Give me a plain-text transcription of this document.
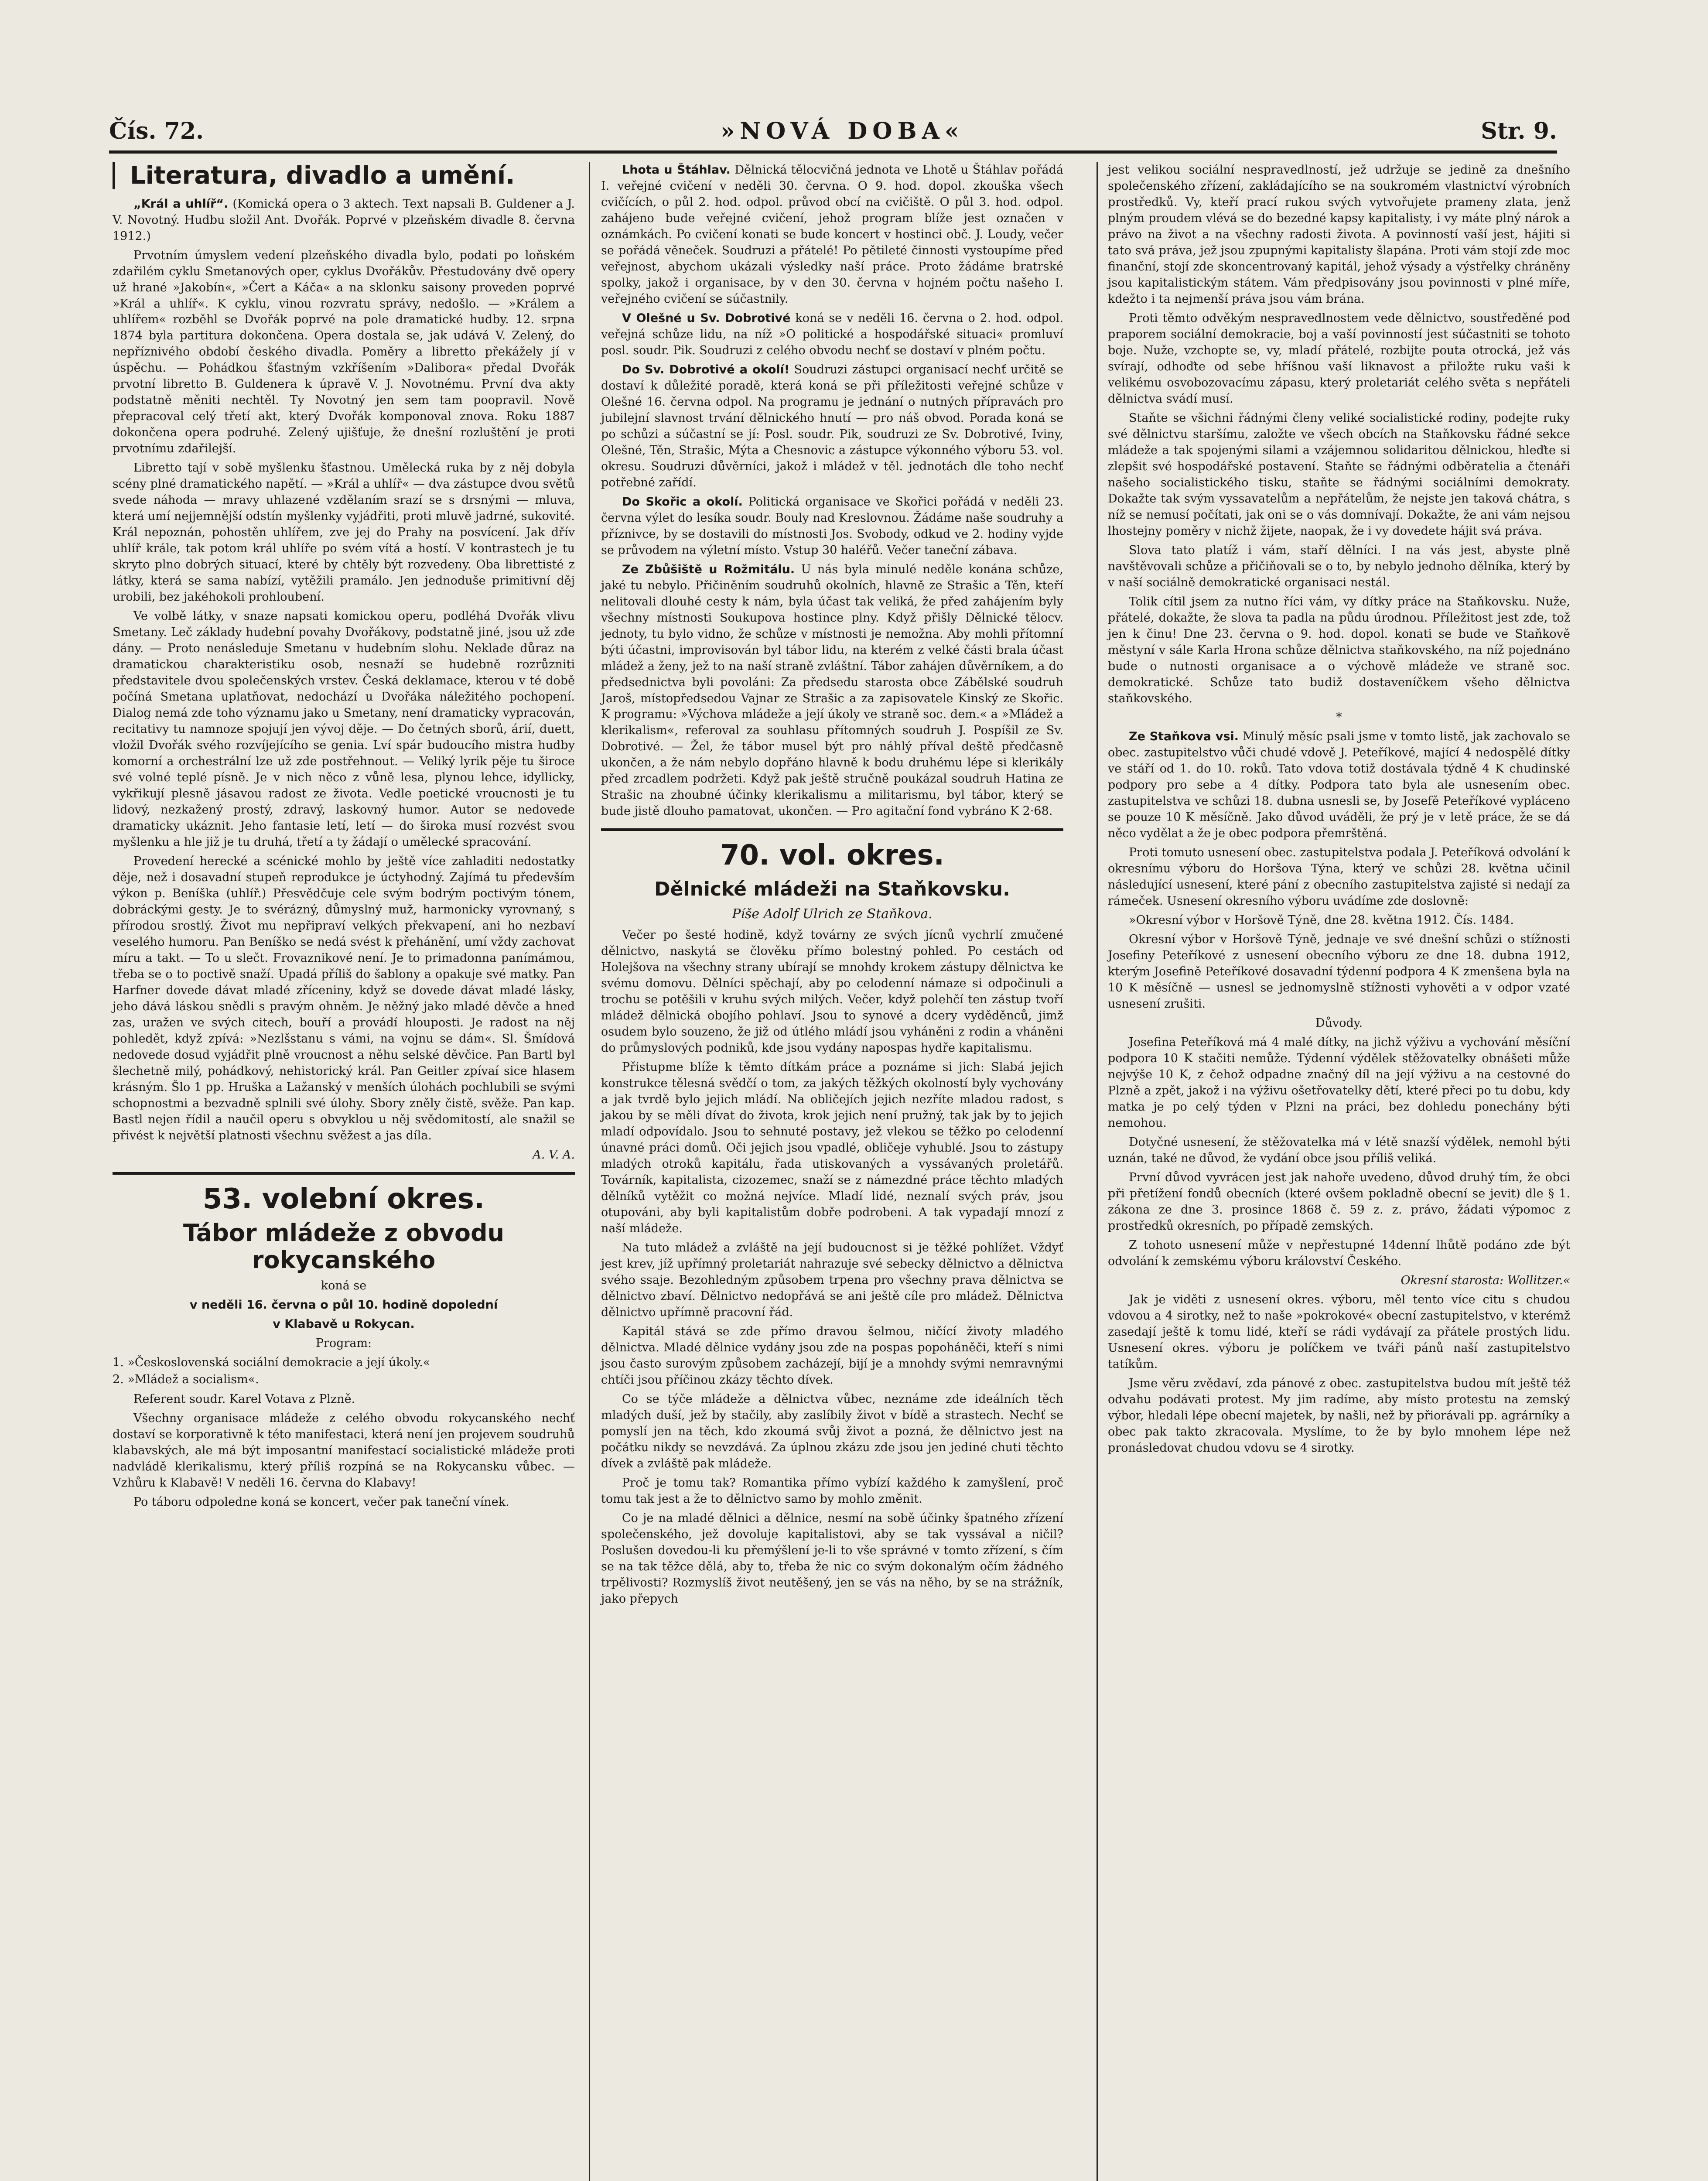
Čís. 72.	»NOVÁ DOBA«	Str. 9.
Literatura, divadlo a umění.

„Král a uhlíř“. (Komická opera o 3 aktech. Text napsali B. Guldener a J. V. Novotný. Hudbu složil Ant. Dvořák. Poprvé v plzeňském divadle 8. června 1912.)

Prvotním úmyslem vedení plzeňského divadla bylo, podati po loňském zdařilém cyklu Smetanových oper, cyklus Dvořákův. Přestudovány dvě opery už hrané »Jakobín«, »Čert a Káča« a na sklonku saisony proveden poprvé »Král a uhlíř«. K cyklu, vinou rozvratu správy, nedošlo. — »Králem a uhlířem« rozběhl se Dvořák poprvé na pole dramatické hudby. 12. srpna 1874 byla partitura dokončena. Opera dostala se, jak udává V. Zelený, do nepříznivého období českého divadla. Poměry a libretto překážely jí v úspěchu. — Pohádkou šťastným vzkříšením »Dalibora« předal Dvořák prvotní libretto B. Guldenera k úpravě V. J. Novotnému. První dva akty podstatně měniti nechtěl. Ty Novotný jen sem tam poopravil. Nově přepracoval celý třetí akt, který Dvořák komponoval znova. Roku 1887 dokončena opera podruhé. Zelený ujišťuje, že dnešní rozluštění je proti prvotnímu zdařilejší.

Libretto tají v sobě myšlenku šťastnou. Umělecká ruka by z něj dobyla scény plné dramatického napětí. — »Král a uhlíř« — dva zástupce dvou světů svede náhoda — mravy uhlazené vzdělaním srazí se s drsnými — mluva, která umí nejjemnější odstín myšlenky vyjádřiti, proti mluvě jadrné, sukovité. Král nepoznán, pohostěn uhlířem, zve jej do Prahy na posvícení. Jak dřív uhlíř krále, tak potom král uhlíře po svém vítá a hostí. V kontrastech je tu skryto plno dobrých situací, které by chtěly být rozvedeny. Oba librettisté z látky, která se sama nabízí, vytěžili pramálo. Jen jednoduše primitivní děj urobili, bez jakéhokoli prohloubení.

Ve volbě látky, v snaze napsati komickou operu, podléhá Dvořák vlivu Smetany. Leč základy hudební povahy Dvořákovy, podstatně jiné, jsou už zde dány. — Proto nenásleduje Smetanu v hudebním slohu. Neklade důraz na dramatickou charakteristiku osob, nesnaží se hudebně rozrůzniti představitele dvou společenských vrstev. Česká deklamace, kterou v té době počíná Smetana uplatňovat, nedochází u Dvořáka náležitého pochopení. Dialog nemá zde toho významu jako u Smetany, není dramaticky vypracován, recitativy tu namnoze spojují jen vývoj děje. — Do četných sborů, árií, duett, vložil Dvořák svého rozvíjejícího se genia. Lví spár budoucího mistra hudby komorní a orchestrální lze už zde postřehnout. — Veliký lyrik pěje tu široce své volné teplé písně. Je v nich něco z vůně lesa, plynou lehce, idyllicky, vykřikují plesně jásavou radost ze života. Vedle poetické vroucnosti je tu lidový, nezkažený prostý, zdravý, laskovný humor. Autor se nedovede dramaticky ukáznit. Jeho fantasie letí, letí — do široka musí rozvést svou myšlenku a hle již je tu druhá, třetí a ty žádají o umělecké spracování.

Provedení herecké a scénické mohlo by ještě více zahladiti nedostatky děje, než i dosavadní stupeň reprodukce je úctyhodný. Zajímá tu především výkon p. Beníška (uhlíř.) Přesvědčuje cele svým bodrým poctivým tónem, dobráckými gesty. Je to svérázný, důmyslný muž, harmonicky vyrovnaný, s přírodou srostlý. Život mu nepřipraví velkých překvapení, ani ho nezbaví veselého humoru. Pan Beníško se nedá svést k přehánění, umí vždy zachovat míru a takt. — To u slečt. Frovaznikové není. Je to primadonna panímámou, třeba se o to poctivě snaží. Upadá příliš do šablony a opakuje své matky. Pan Harfner dovede dávat mladé zříceniny, když se dovede dávat mladé lásky, jeho dává láskou snědli s pravým ohněm. Je něžný jako mladé děvče a hned zas, uražen ve svých citech, bouří a provádí hlouposti. Je radost na něj pohledět, když zpívá: »Nezlšstanu s vámi, na vojnu se dám«. Sl. Šmídová nedovede dosud vyjádřit plně vroucnost a něhu selské děvčice. Pan Bartl byl šlechetně milý, pohádkový, nehistorický král. Pan Geitler zpívaí sice hlasem krásným. Šlo 1 pp. Hruška a Lažanský v menších úlohách pochlubili se svými schopnostmi a bezvadně splnili své úlohy. Sbory zněly čistě, svěže. Pan kap. Bastl nejen řídil a naučil operu s obvyklou u něj svědomitostí, ale snažil se přivést k největší platnosti všechnu svěžest a jas díla.

A. V. A.

53. volební okres.
Tábor mládeže z obvodu rokycanského

koná se

v neděli 16. června o půl 10. hodině dopolední

v Klabavě u Rokycan.

Program:

1. »Československá sociální demokracie a její úkoly.«
2. »Mládež a socialism«.

Referent soudr. Karel Votava z Plzně.

Všechny organisace mládeže z celého obvodu rokycanského nechť dostaví se korporativně k této manifestaci, která není jen projevem soudruhů klabavských, ale má být imposantní manifestací socialistické mládeže proti nadvládě klerikalismu, který příliš rozpíná se na Rokycansku vůbec. — Vzhůru k Klabavě! V neděli 16. června do Klabavy!

Po táboru odpoledne koná se koncert, večer pak taneční vínek.

Lhota u Štáhlav. Dělnická tělocvičná jednota ve Lhotě u Štáhlav pořádá I. veřejné cvičení v neděli 30. června. O 9. hod. dopol. zkouška všech cvičících, o půl 2. hod. odpol. průvod obcí na cvičiště. O půl 3. hod. odpol. zahájeno bude veřejné cvičení, jehož program blíže jest označen v oznámkách. Po cvičení konati se bude koncert v hostinci obč. J. Loudy, večer se pořádá věneček. Soudruzi a přátelé! Po pětileté činnosti vystoupíme před veřejnost, abychom ukázali výsledky naší práce. Proto žádáme bratrské spolky, jakož i organisace, by v den 30. června v hojném počtu našeho I. veřejného cvičení se súčastnily.

V Olešné u Sv. Dobrotivé koná se v neděli 16. června o 2. hod. odpol. veřejná schůze lidu, na níž »O politické a hospodářské situaci« promluví posl. soudr. Pik. Soudruzi z celého obvodu nechť se dostaví v plném počtu.

Do Sv. Dobrotivé a okolí! Soudruzi zástupci organisací nechť určitě se dostaví k důležité poradě, která koná se při příležitosti veřejné schůze v Olešné 16. června odpol. Na programu je jednání o nutných přípravách pro jubilejní slavnost trvání dělnického hnutí — pro náš obvod. Porada koná se po schůzi a súčastní se jí: Posl. soudr. Pik, soudruzi ze Sv. Dobrotivé, Iviny, Olešné, Těn, Strašic, Mýta a Chesnovic a zástupce výkonného výboru 53. vol. okresu. Soudruzi důvěrníci, jakož i mládež v těl. jednotách dle toho nechť potřebné zařídí.

Do Skořic a okolí. Politická organisace ve Skořici pořádá v neděli 23. června výlet do lesíka soudr. Bouly nad Kreslovnou. Žádáme naše soudruhy a příznivce, by se dostavili do místnosti Jos. Svobody, odkud ve 2. hodiny vyjde se průvodem na výletní místo. Vstup 30 haléřů. Večer taneční zábava.

Ze Zbůšiště u Rožmitálu. U nás byla minulé neděle konána schůze, jaké tu nebylo. Přičiněním soudruhů okolních, hlavně ze Strašic a Těn, kteří nelitovali dlouhé cesty k nám, byla účast tak veliká, že před zahájením byly všechny místnosti Soukupova hostince plny. Když přišly Dělnické tělocv. jednoty, tu bylo vidno, že schůze v místnosti je nemožna. Aby mohli přítomní býti účastni, improvisován byl tábor lidu, na kterém z velké části brala účast mládež a ženy, jež to na naší straně zvláštní. Tábor zahájen důvěrníkem, a do předsednictva byli povoláni: Za předsedu starosta obce Zábělské soudruh Jaroš, místopředsedou Vajnar ze Strašic a za zapisovatele Kinský ze Skořic. K programu: »Výchova mládeže a její úkoly ve straně soc. dem.« a »Mládež a klerikalism«, referoval za souhlasu přítomných soudruh J. Pospíšil ze Sv. Dobrotivé. — Žel, že tábor musel být pro náhlý příval deště předčasně ukončen, a že nám nebylo dopřáno hlavně k bodu druhému lépe si klerikály před zrcadlem podržeti. Když pak ještě stručně poukázal soudruh Hatina ze Strašic na zhoubné účinky klerikalismu a militarismu, byl tábor, který se bude jistě dlouho pamatovat, ukončen. — Pro agitační fond vybráno K 2·68.

70. vol. okres.
Dělnické mládeži na Staňkovsku.
Píše Adolf Ulrich ze Staňkova.

Večer po šesté hodině, když továrny ze svých jícnů vychrlí zmučené dělnictvo, naskytá se člověku přímo bolestný pohled. Po cestách od Holejšova na všechny strany ubírají se mnohdy krokem zástupy dělnictva ke svému domovu. Dělníci spěchají, aby po celodenní námaze si odpočinuli a trochu se potěšili v kruhu svých milých. Večer, když polehčí ten zástup tvoří mládež dělnická obojího pohlaví. Jsou to synové a dcery vyděděnců, jimž osudem bylo souzeno, že již od útlého mládí jsou vyháněni z rodin a vháněni do průmyslových podniků, kde jsou vydány napospas hydře kapitalismu.

Přistupme blíže k těmto dítkám práce a poznáme si jich: Slabá jejich konstrukce tělesná svědčí o tom, za jakých těžkých okolností byly vychovány a jak tvrdě bylo jejich mládí. Na obličejích jejich nezříte mladou radost, s jakou by se měli dívat do života, krok jejich není pružný, tak jak by to jejich mladí odpovídalo. Jsou to sehnuté postavy, jež vlekou se těžko po celodenní únavné práci domů. Oči jejich jsou vpadlé, obličeje vyhublé. Jsou to zástupy mladých otroků kapitálu, řada utiskovaných a vyssávaných proletářů. Továrník, kapitalista, cizozemec, snaží se z námezdné práce těchto mladých dělníků vytěžit co možná nejvíce. Mladí lidé, neznalí svých práv, jsou otupováni, aby byli kapitalistům dobře podrobeni. A tak vypadají mnozí z naší mládeže.

Na tuto mládež a zvláště na její budoucnost si je těžké pohlížet. Vždyť jest krev, jíž upřímný proletariát nahrazuje své sebecky dělnictvo a dělnictva svého ssaje. Bezohledným způsobem trpena pro všechny prava dělnictva se dělnictvo zbaví. Dělnictvo nedopřává se ani ještě cíle pro mládež. Dělnictva dělnictvo upřímně pracovní řád.

Kapitál stává se zde přímo dravou šelmou, ničící životy mladého dělnictva. Mladé dělnice vydány jsou zde na pospas popoháněči, kteří s nimi jsou často surovým způsobem zacházejí, bijí je a mnohdy svými nemravnými chtíči jsou příčinou zkázy těchto dívek.

Co se týče mládeže a dělnictva vůbec, neznáme zde ideálních těch mladých duší, jež by stačily, aby zaslíbily život v bídě a strastech. Nechť se pomyslí jen na těch, kdo zkoumá svůj život a pozná, že dělnictvo jest na počátku nikdy se nevzdává. Za úplnou zkázu zde jsou jen jediné chuti těchto dívek a zvláště pak mládeže.

Proč je tomu tak? Romantika přímo vybízí každého k zamyšlení, proč tomu tak jest a že to dělnictvo samo by mohlo změnit.

Co je na mladé dělnici a dělnice, nesmí na sobě účinky špatného zřízení společenského, jež dovoluje kapitalistovi, aby se tak vyssával a ničil? Poslušen dovedou-li ku přemýšlení je-li to vše správné v tomto zřízení, s čím se na tak těžce dělá, aby to, třeba že nic co svým dokonalým očím žádného trpělivosti? Rozmyslíš život neutěšený, jen se vás na něho, by se na strážník, jako přepych

jest velikou sociální nespravedlností, jež udržuje se jedině za dnešního společenského zřízení, zakládajícího se na soukromém vlastnictví výrobních prostředků. Vy, kteří prací rukou svých vytvořujete prameny zlata, jenž plným proudem vlévá se do bezedné kapsy kapitalisty, i vy máte plný nárok a právo na život a na všechny radosti života. A povinností vaší jest, hájiti si tato svá práva, jež jsou zpupnými kapitalisty šlapána. Proti vám stojí zde moc finanční, stojí zde skoncentrovaný kapitál, jehož výsady a výstřelky chráněny jsou kapitalistickým státem. Vám předpisovány jsou povinnosti v plné míře, kdežto i ta nejmenší práva jsou vám brána.

Proti těmto odvěkým nespravedlnostem vede dělnictvo, soustředěné pod praporem sociální demokracie, boj a vaší povinností jest súčastniti se tohoto boje. Nuže, vzchopte se, vy, mladí přátelé, rozbijte pouta otrocká, jež vás svírají, odhoďte od sebe hříšnou vaší liknavost a přiložte ruku vaši k velikému osvobozovacímu zápasu, který proletariát celého světa s nepřáteli dělnictva svádí musí.

Staňte se všichni řádnými členy veliké socialistické rodiny, podejte ruky své dělnictvu staršímu, založte ve všech obcích na Staňkovsku řádné sekce mládeže a tak spojenými silami a vzájemnou solidaritou dělnickou, hleďte si zlepšit své hospodářské postavení. Staňte se řádnými odběratelia a čtenáři našeho socialistického tisku, staňte se řádnými sociálními demokraty. Dokažte tak svým vyssavatelům a nepřátelům, že nejste jen taková chátra, s níž se nemusí počítati, jak oni se o vás domnívají. Dokažte, že ani vám nejsou lhostejny poměry v nichž žijete, naopak, že i vy dovedete hájit svá práva.

Slova tato platíž i vám, staří dělníci. I na vás jest, abyste plně navštěvovali schůze a přičiňovali se o to, by nebylo jednoho dělníka, který by v naší sociálně demokratické organisaci nestál.

Tolik cítil jsem za nutno říci vám, vy dítky práce na Staňkovsku. Nuže, přátelé, dokažte, že slova ta padla na půdu úrodnou. Příležitost jest zde, tož jen k činu! Dne 23. června o 9. hod. dopol. konati se bude ve Staňkově městyní v sále Karla Hrona schůze dělnictva staňkovského, na níž pojednáno bude o nutnosti organisace a o výchově mládeže ve straně soc. demokratické. Schůze tato budiž dostaveníčkem všeho dělnictva staňkovského.

*

Ze Staňkova vsi. Minulý měsíc psali jsme v tomto listě, jak zachovalo se obec. zastupitelstvo vůči chudé vdově J. Peteříkové, mající 4 nedospělé dítky ve stáří od 1. do 10. roků. Tato vdova totiž dostávala týdně 4 K chudinské podpory pro sebe a 4 dítky. Podpora tato byla ale usnesením obec. zastupitelstva ve schůzi 18. dubna usnesli se, by Josefě Peteříkové vypláceno se pouze 10 K měsíčně. Jako důvod uváděli, že prý je v letě práce, že se dá něco vydělat a že je obec podpora přemrštěná.

Proti tomuto usnesení obec. zastupitelstva podala J. Peteříková odvolání k okresnímu výboru do Horšova Týna, který ve schůzi 28. května učinil následující usnesení, které pání z obecního zastupitelstva zajisté si nedají za rámeček. Usnesení okresního výboru uvádíme zde doslovně:

»Okresní výbor v Horšově Týně, dne 28. května 1912. Čís. 1484.

Okresní výbor v Horšově Týně, jednaje ve své dnešní schůzi o stížnosti Josefiny Peteříkové z usnesení obecního výboru ze dne 18. dubna 1912, kterým Josefině Peteříkové dosavadní týdenní podpora 4 K zmenšena byla na 10 K měsíčně — usnesl se jednomyslně stížnosti vyhověti a v odpor vzaté usnesení zrušiti.

Důvody.

Josefina Peteříková má 4 malé dítky, na jichž výživu a vychování měsíční podpora 10 K stačiti nemůže. Týdenní výdělek stěžovatelky obnášeti může nejvýše 10 K, z čehož odpadne značný díl na její výživu a na cestovné do Plzně a zpět, jakož i na výživu ošetřovatelky dětí, které přeci po tu dobu, kdy matka je po celý týden v Plzni na práci, bez dohledu ponechány býti nemohou.

Dotyčné usnesení, že stěžovatelka má v létě snazší výdělek, nemohl býti uznán, také ne důvod, že vydání obce jsou příliš veliká.

První důvod vyvrácen jest jak nahoře uvedeno, důvod druhý tím, že obci při přetížení fondů obecních (které ovšem pokladně obecní se jevit) dle § 1. zákona ze dne 3. prosince 1868 č. 59 z. z. právo, žádati výpomoc z prostředků okresních, po případě zemských.

Z tohoto usnesení může v nepřestupné 14denní lhůtě podáno zde být odvolání k zemskému výboru království Českého.

Okresní starosta: Wollitzer.«

Jak je viděti z usnesení okres. výboru, měl tento více citu s chudou vdovou a 4 sirotky, než to naše »pokrokové« obecní zastupitelstvo, v kterémž zasedají ještě k tomu lidé, kteří se rádi vydávají za přátele prostých lidu. Usnesení okres. výboru je políčkem ve tváři pánů naší zastupitelstvo tatíkům.

Jsme věru zvědaví, zda pánové z obec. zastupitelstva budou mít ještě též odvahu podávati protest. My jim radíme, aby místo protestu na zemský výbor, hledali lépe obecní majetek, by našli, než by přiorávali pp. agrárníky a obec pak takto zkracovala. Myslíme, to že by bylo mnohem lépe než pronásledovat chudou vdovu se 4 sirotky.
